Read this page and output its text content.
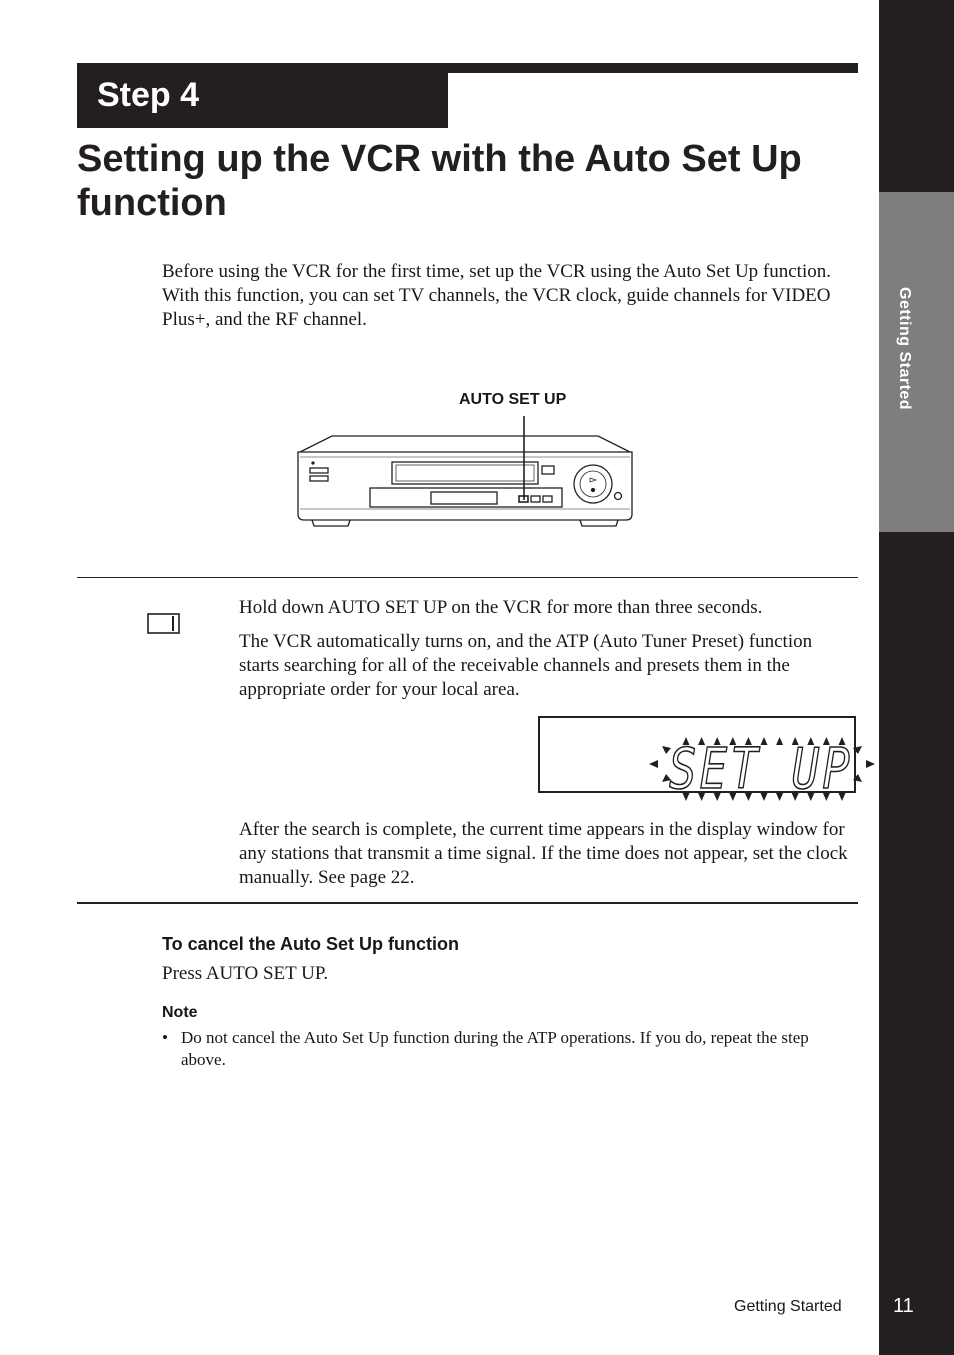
Getting Started
Step 4
Setting up the VCR with the Auto Set Up function

Before using the VCR for the first time, set up the VCR using the Auto Set Up function. With this function, you can set TV channels, the VCR clock, guide channels for VIDEO Plus+, and the RF channel.

AUTO SET UP

Hold down AUTO SET UP on the VCR for more than three seconds.

The VCR automatically turns on, and the ATP (Auto Tuner Preset) function starts searching for all of the receivable channels and presets them in the appropriate order for your local area.

SET UP

After the search is complete, the current time appears in the display window for any stations that transmit a time signal. If the time does not appear, set the clock manually. See page 22.

To cancel the Auto Set Up function

Press AUTO SET UP.

Note
• Do not cancel the Auto Set Up function during the ATP operations. If you do, repeat the step above.
Getting Started	11
